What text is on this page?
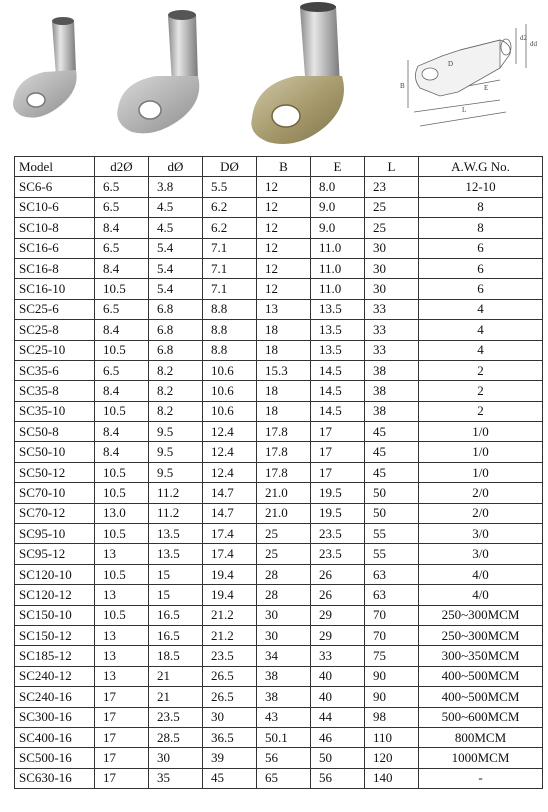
d2
dd
D
B
L
E
Model	d2Ø	dØ	DØ	B	E	L	A.W.G No.
SC6-6	6.5	3.8	5.5	12	8.0	23	12-10
SC10-6	6.5	4.5	6.2	12	9.0	25	8
SC10-8	8.4	4.5	6.2	12	9.0	25	8
SC16-6	6.5	5.4	7.1	12	11.0	30	6
SC16-8	8.4	5.4	7.1	12	11.0	30	6
SC16-10	10.5	5.4	7.1	12	11.0	30	6
SC25-6	6.5	6.8	8.8	13	13.5	33	4
SC25-8	8.4	6.8	8.8	18	13.5	33	4
SC25-10	10.5	6.8	8.8	18	13.5	33	4
SC35-6	6.5	8.2	10.6	15.3	14.5	38	2
SC35-8	8.4	8.2	10.6	18	14.5	38	2
SC35-10	10.5	8.2	10.6	18	14.5	38	2
SC50-8	8.4	9.5	12.4	17.8	17	45	1/0
SC50-10	8.4	9.5	12.4	17.8	17	45	1/0
SC50-12	10.5	9.5	12.4	17.8	17	45	1/0
SC70-10	10.5	11.2	14.7	21.0	19.5	50	2/0
SC70-12	13.0	11.2	14.7	21.0	19.5	50	2/0
SC95-10	10.5	13.5	17.4	25	23.5	55	3/0
SC95-12	13	13.5	17.4	25	23.5	55	3/0
SC120-10	10.5	15	19.4	28	26	63	4/0
SC120-12	13	15	19.4	28	26	63	4/0
SC150-10	10.5	16.5	21.2	30	29	70	250~300MCM
SC150-12	13	16.5	21.2	30	29	70	250~300MCM
SC185-12	13	18.5	23.5	34	33	75	300~350MCM
SC240-12	13	21	26.5	38	40	90	400~500MCM
SC240-16	17	21	26.5	38	40	90	400~500MCM
SC300-16	17	23.5	30	43	44	98	500~600MCM
SC400-16	17	28.5	36.5	50.1	46	110	800MCM
SC500-16	17	30	39	56	50	120	1000MCM
SC630-16	17	35	45	65	56	140	-
